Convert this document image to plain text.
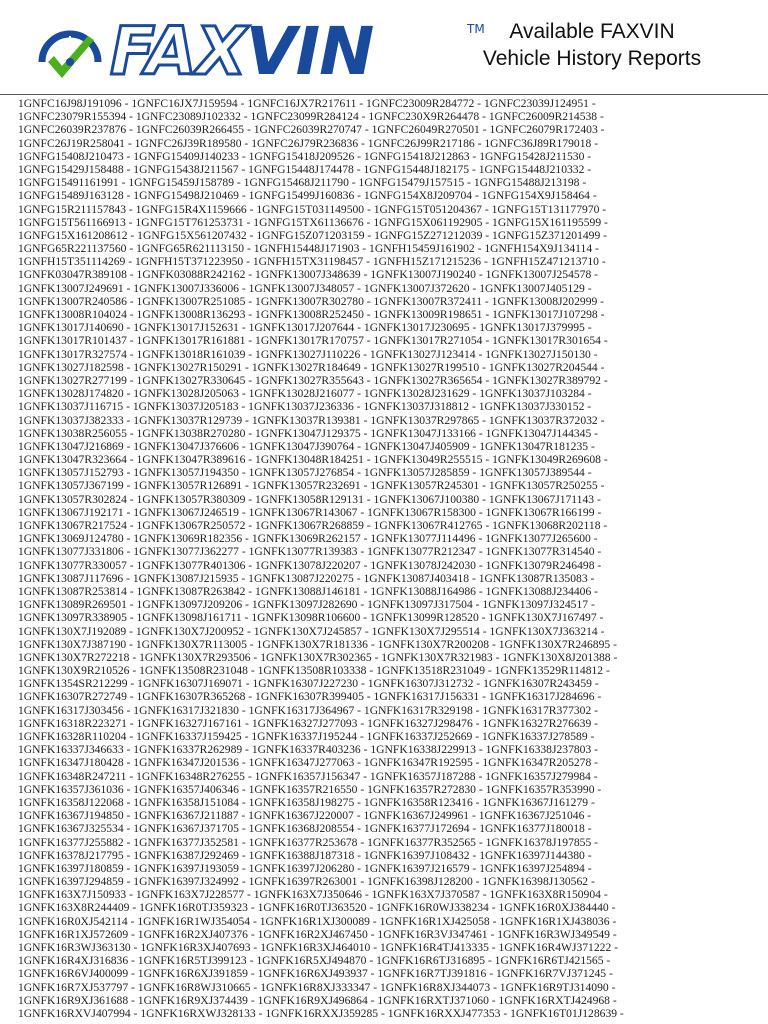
FAXVIN	TM	Available FAXVIN
Vehicle History Reports
1GNFC16J98J191096 - 1GNFC16JX7J159594 - 1GNFC16JX7R217611 - 1GNFC23009R284772 - 1GNFC23039J124951 -
1GNFC23079R155394 - 1GNFC23089J102332 - 1GNFC23099R284124 - 1GNFC230X9R264478 - 1GNFC26009R214538 -
1GNFC26039R237876 - 1GNFC26039R266455 - 1GNFC26039R270747 - 1GNFC26049R270501 - 1GNFC26079R172403 -
1GNFC26J19R258041 - 1GNFC26J39R189580 - 1GNFC26J79R236836 - 1GNFC26J99R217186 - 1GNFC36J89R179018 -
1GNFG15408J210473 - 1GNFG15409J140233 - 1GNFG15418J209526 - 1GNFG15418J212863 - 1GNFG15428J211530 -
1GNFG15429J158488 - 1GNFG15438J211567 - 1GNFG15448J174478 - 1GNFG15448J182175 - 1GNFG15448J210332 -
1GNFG15491161991 - 1GNFG15459J158789 - 1GNFG15468J211790 - 1GNFG15479J157515 - 1GNFG15488J213198 -
1GNFG15489J163128 - 1GNFG15498J210469 - 1GNFG15499J160836 - 1GNFG154X8J209704 - 1GNFG154X9J158464 -
1GNFG15R211157843 - 1GNFG15R4X1159666 - 1GNFG15T031149500 - 1GNFG15T051204367 - 1GNFG15T131177970 -
1GNFG15T561166913 - 1GNFG15T761253731 - 1GNFG15TX61136676 - 1GNFG15X061192905 - 1GNFG15X161195599 -
1GNFG15X161208612 - 1GNFG15X561207432 - 1GNFG15Z071203159 - 1GNFG15Z271212039 - 1GNFG15Z371201499 -
1GNFG65R221137560 - 1GNFG65R621113150 - 1GNFH15448J171903 - 1GNFH15459J161902 - 1GNFH154X9J134114 -
1GNFH15T351114269 - 1GNFH15T371223950 - 1GNFH15TX31198457 - 1GNFH15Z171215236 - 1GNFH15Z471213710 -
1GNFK03047R389108 - 1GNFK03088R242162 - 1GNFK13007J348639 - 1GNFK13007J190240 - 1GNFK13007J254578 -
1GNFK13007J249691 - 1GNFK13007J336006 - 1GNFK13007J348057 - 1GNFK13007J372620 - 1GNFK13007J405129 -
1GNFK13007R240586 - 1GNFK13007R251085 - 1GNFK13007R302780 - 1GNFK13007R372411 - 1GNFK13008J202999 -
1GNFK13008R104024 - 1GNFK13008R136293 - 1GNFK13008R252450 - 1GNFK13009R198651 - 1GNFK13017J107298 -
1GNFK13017J140690 - 1GNFK13017J152631 - 1GNFK13017J207644 - 1GNFK13017J230695 - 1GNFK13017J379995 -
1GNFK13017R101437 - 1GNFK13017R161881 - 1GNFK13017R170757 - 1GNFK13017R271054 - 1GNFK13017R301654 -
1GNFK13017R327574 - 1GNFK13018R161039 - 1GNFK13027J110226 - 1GNFK13027J123414 - 1GNFK13027J150130 -
1GNFK13027J182598 - 1GNFK13027R150291 - 1GNFK13027R184649 - 1GNFK13027R199510 - 1GNFK13027R204544 -
1GNFK13027R277199 - 1GNFK13027R330645 - 1GNFK13027R355643 - 1GNFK13027R365654 - 1GNFK13027R389792 -
1GNFK13028J174820 - 1GNFK13028J205063 - 1GNFK13028J216077 - 1GNFK13028J231629 - 1GNFK13037J103284 -
1GNFK13037J116715 - 1GNFK13037J205183 - 1GNFK13037J236336 - 1GNFK13037J318812 - 1GNFK13037J330152 -
1GNFK13037J382333 - 1GNFK13037R129739 - 1GNFK13037R139381 - 1GNFK13037R297865 - 1GNFK13037R372032 -
1GNFK13038R256055 - 1GNFK13038R270280 - 1GNFK13047J129375 - 1GNFK13047J133166 - 1GNFK13047J144345 -
1GNFK13047J216869 - 1GNFK13047J376606 - 1GNFK13047J390764 - 1GNFK13047J405909 - 1GNFK13047R181235 -
1GNFK13047R323664 - 1GNFK13047R389616 - 1GNFK13048R184251 - 1GNFK13049R255515 - 1GNFK13049R269608 -
1GNFK13057J152793 - 1GNFK13057J194350 - 1GNFK13057J276854 - 1GNFK13057J285859 - 1GNFK13057J389544 -
1GNFK13057J367199 - 1GNFK13057R126891 - 1GNFK13057R232691 - 1GNFK13057R245301 - 1GNFK13057R250255 -
1GNFK13057R302824 - 1GNFK13057R380309 - 1GNFK13058R129131 - 1GNFK13067J100380 - 1GNFK13067J171143 -
1GNFK13067J192171 - 1GNFK13067J246519 - 1GNFK13067R143067 - 1GNFK13067R158300 - 1GNFK13067R166199 -
1GNFK13067R217524 - 1GNFK13067R250572 - 1GNFK13067R268859 - 1GNFK13067R412765 - 1GNFK13068R202118 -
1GNFK13069J124780 - 1GNFK13069R182356 - 1GNFK13069R262157 - 1GNFK13077J114496 - 1GNFK13077J265600 -
1GNFK13077J331806 - 1GNFK13077J362277 - 1GNFK13077R139383 - 1GNFK13077R212347 - 1GNFK13077R314540 -
1GNFK13077R330057 - 1GNFK13077R401306 - 1GNFK13078J220207 - 1GNFK13078J242030 - 1GNFK13079R246498 -
1GNFK13087J117696 - 1GNFK13087J215935 - 1GNFK13087J220275 - 1GNFK13087J403418 - 1GNFK13087R135083 -
1GNFK13087R253814 - 1GNFK13087R263842 - 1GNFK13088J146181 - 1GNFK13088J164986 - 1GNFK13088J234406 -
1GNFK13089R269501 - 1GNFK13097J209206 - 1GNFK13097J282690 - 1GNFK13097J317504 - 1GNFK13097J324517 -
1GNFK13097R338905 - 1GNFK13098J161711 - 1GNFK13098R106600 - 1GNFK13099R128520 - 1GNFK130X7J167497 -
1GNFK130X7J192089 - 1GNFK130X7J200952 - 1GNFK130X7J245857 - 1GNFK130X7J295514 - 1GNFK130X7J363214 -
1GNFK130X7J387190 - 1GNFK130X7R113005 - 1GNFK130X7R181336 - 1GNFK130X7R200208 - 1GNFK130X7R246895 -
1GNFK130X7R272218 - 1GNFK130X7R293506 - 1GNFK130X7R302365 - 1GNFK130X7R321983 - 1GNFK130X8J201388 -
1GNFK130X9R210526 - 1GNFK13508R231048 - 1GNFK13508R103338 - 1GNFK13518R231049 - 1GNFK13529R114812 -
1GNFK1354SR212299 - 1GNFK16307J169071 - 1GNFK16307J227230 - 1GNFK16307J312732 - 1GNFK16307R243459 -
1GNFK16307R272749 - 1GNFK16307R365268 - 1GNFK16307R399405 - 1GNFK16317J156331 - 1GNFK16317J284696 -
1GNFK16317J303456 - 1GNFK16317J321830 - 1GNFK16317J364967 - 1GNFK16317R329198 - 1GNFK16317R377302 -
1GNFK16318R223271 - 1GNFK16327J167161 - 1GNFK16327J277093 - 1GNFK16327J298476 - 1GNFK16327R276639 -
1GNFK16328R110204 - 1GNFK16337J159425 - 1GNFK16337J195244 - 1GNFK16337J252669 - 1GNFK16337J278589 -
1GNFK16337J346633 - 1GNFK16337R262989 - 1GNFK16337R403236 - 1GNFK16338J229913 - 1GNFK16338J237803 -
1GNFK16347J180428 - 1GNFK16347J201536 - 1GNFK16347J277063 - 1GNFK16347R192595 - 1GNFK16347R205278 -
1GNFK16348R247211 - 1GNFK16348R276255 - 1GNFK16357J156347 - 1GNFK16357J187288 - 1GNFK16357J279984 -
1GNFK16357J361036 - 1GNFK16357J406346 - 1GNFK16357R216550 - 1GNFK16357R272830 - 1GNFK16357R353990 -
1GNFK16358J122068 - 1GNFK16358J151084 - 1GNFK16358J198275 - 1GNFK16358R123416 - 1GNFK16367J161279 -
1GNFK16367J194850 - 1GNFK16367J211887 - 1GNFK16367J220007 - 1GNFK16367J249961 - 1GNFK16367J251046 -
1GNFK16367J325534 - 1GNFK16367J371705 - 1GNFK16368J208554 - 1GNFK16377J172694 - 1GNFK16377J180018 -
1GNFK16377J255882 - 1GNFK16377J352581 - 1GNFK16377R253678 - 1GNFK16377R352565 - 1GNFK16378J197855 -
1GNFK16378J217795 - 1GNFK16387J292469 - 1GNFK16388J187318 - 1GNFK16397J108432 - 1GNFK16397J144380 -
1GNFK16397J180859 - 1GNFK16397J193059 - 1GNFK16397J206280 - 1GNFK16397J216579 - 1GNFK16397J254894 -
1GNFK16397J294859 - 1GNFK16397J324992 - 1GNFK16397R263001 - 1GNFK16398J128200 - 1GNFK16398J130562 -
1GNFK163X7J150933 - 1GNFK163X7J228577 - 1GNFK163X7J350646 - 1GNFK163X7J370587 - 1GNFK163X8R150904 -
1GNFK163X8R244409 - 1GNFK16R0TJ359323 - 1GNFK16R0TJ363520 - 1GNFK16R0WJ338234 - 1GNFK16R0XJ384440 -
1GNFK16R0XJ542114 - 1GNFK16R1WJ354054 - 1GNFK16R1XJ300089 - 1GNFK16R1XJ425058 - 1GNFK16R1XJ438036 -
1GNFK16R1XJ572609 - 1GNFK16R2XJ407376 - 1GNFK16R2XJ467450 - 1GNFK16R3VJ347461 - 1GNFK16R3WJ349549 -
1GNFK16R3WJ363130 - 1GNFK16R3XJ407693 - 1GNFK16R3XJ464010 - 1GNFK16R4TJ413335 - 1GNFK16R4WJ371222 -
1GNFK16R4XJ316836 - 1GNFK16R5TJ399123 - 1GNFK16R5XJ494870 - 1GNFK16R6TJ316895 - 1GNFK16R6TJ421565 -
1GNFK16R6VJ400099 - 1GNFK16R6XJ391859 - 1GNFK16R6XJ493937 - 1GNFK16R7TJ391816 - 1GNFK16R7VJ371245 -
1GNFK16R7XJ537797 - 1GNFK16R8WJ310665 - 1GNFK16R8XJ333347 - 1GNFK16R8XJ344073 - 1GNFK16R9TJ314090 -
1GNFK16R9XJ361688 - 1GNFK16R9XJ374439 - 1GNFK16R9XJ496864 - 1GNFK16RXTJ371060 - 1GNFK16RXTJ424968 -
1GNFK16RXVJ407994 - 1GNFK16RXWJ328133 - 1GNFK16RXXJ359285 - 1GNFK16RXXJ477353 - 1GNFK16T01J128639 -
